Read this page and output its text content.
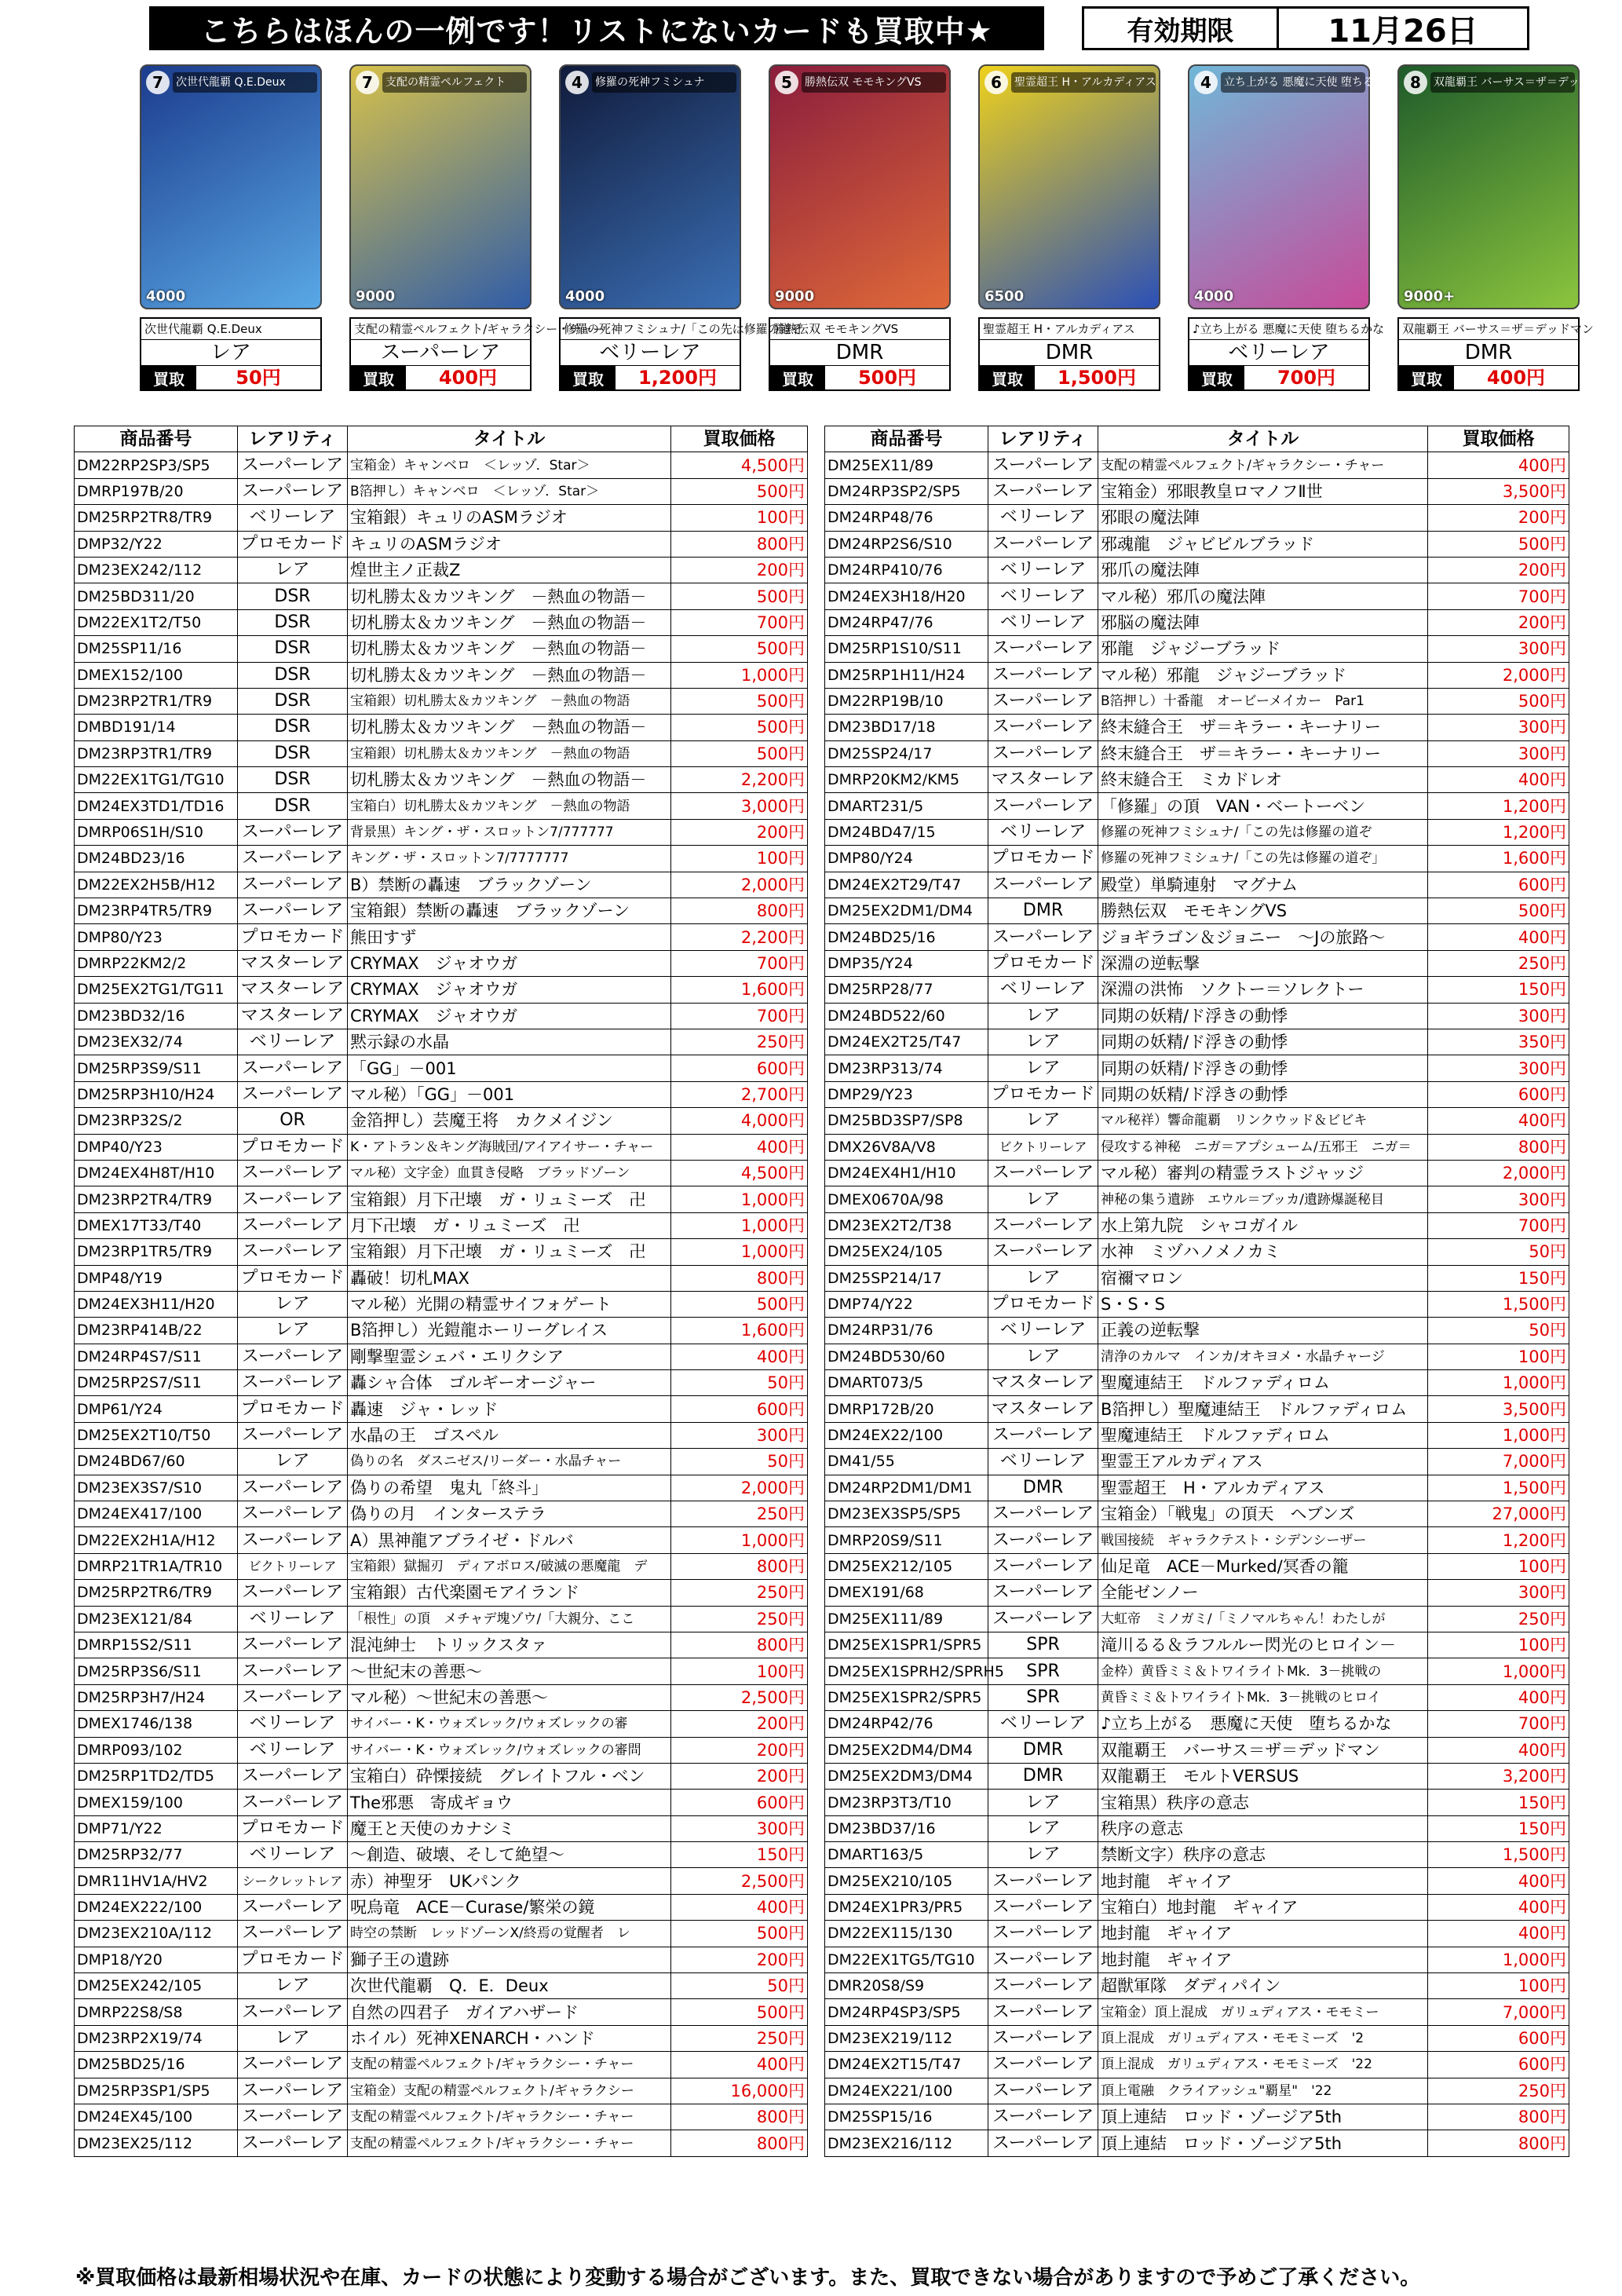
こちらはほんの一例です！リストにないカードも買取中★	有効期限	11月26日
7	次世代龍覇 Q.E.Deux
4000
次世代龍覇 Q.E.Deux
レア
買取	50円
7	支配の精霊ペルフェクト
9000
支配の精霊ペルフェクト/ギャラクシー・チャー
スーパーレア
買取	400円
4	修羅の死神フミシュナ
4000
修羅の死神フミシュナ/「この先は修羅の道ぞ
ベリーレア
買取	1,200円
5	勝熱伝双 モモキングVS
9000
勝熱伝双 モモキングVS
DMR
買取	500円
6	聖霊超王 H・アルカディアス
6500
聖霊超王 H・アルカディアス
DMR
買取	1,500円
4	立ち上がる 悪魔に天使 堕ちるかな
4000
♪立ち上がる 悪魔に天使 堕ちるかな
ベリーレア
買取	700円
8	双龍覇王 バーサス＝ザ＝デッドマン
9000+
双龍覇王 バーサス＝ザ＝デッドマン
DMR
買取	400円
商品番号	レアリティ	タイトル	買取価格
DM22RP2SP3/SP5	スーパーレア	宝箱金）キャンベロ　＜レッゾ．Star＞	4,500円
DMRP197B/20	スーパーレア	B箔押し）キャンベロ　＜レッゾ．Star＞	500円
DM25RP2TR8/TR9	ベリーレア	宝箱銀）キュリのASMラジオ	100円
DMP32/Y22	プロモカード	キュリのASMラジオ	800円
DM23EX242/112	レア	煌世主ノ正裁Z	200円
DM25BD311/20	DSR	切札勝太＆カツキング　－熱血の物語－	500円
DM22EX1T2/T50	DSR	切札勝太＆カツキング　－熱血の物語－	700円
DM25SP11/16	DSR	切札勝太＆カツキング　－熱血の物語－	500円
DMEX152/100	DSR	切札勝太＆カツキング　－熱血の物語－	1,000円
DM23RP2TR1/TR9	DSR	宝箱銀）切札勝太＆カツキング　－熱血の物語	500円
DMBD191/14	DSR	切札勝太＆カツキング　－熱血の物語－	500円
DM23RP3TR1/TR9	DSR	宝箱銀）切札勝太＆カツキング　－熱血の物語	500円
DM22EX1TG1/TG10	DSR	切札勝太＆カツキング　－熱血の物語－	2,200円
DM24EX3TD1/TD16	DSR	宝箱白）切札勝太＆カツキング　－熱血の物語	3,000円
DMRP06S1H/S10	スーパーレア	背景黒）キング・ザ・スロットン7/777777	200円
DM24BD23/16	スーパーレア	キング・ザ・スロットン7/7777777	100円
DM22EX2H5B/H12	スーパーレア	B）禁断の轟速　ブラックゾーン	2,000円
DM23RP4TR5/TR9	スーパーレア	宝箱銀）禁断の轟速　ブラックゾーン	800円
DMP80/Y23	プロモカード	熊田すず	2,200円
DMRP22KM2/2	マスターレア	CRYMAX　ジャオウガ	700円
DM25EX2TG1/TG11	マスターレア	CRYMAX　ジャオウガ	1,600円
DM23BD32/16	マスターレア	CRYMAX　ジャオウガ	700円
DM23EX32/74	ベリーレア	黙示録の水晶	250円
DM25RP3S9/S11	スーパーレア	「GG」－001	600円
DM25RP3H10/H24	スーパーレア	マル秘）「GG」－001	2,700円
DM23RP32S/2	OR	金箔押し）芸魔王将　カクメイジン	4,000円
DMP40/Y23	プロモカード	K・アトラン＆キング海賊団/アイアイサー・チャー	400円
DM24EX4H8T/H10	スーパーレア	マル秘）文字金）血貫き侵略　ブラッドゾーン	4,500円
DM23RP2TR4/TR9	スーパーレア	宝箱銀）月下卍壊　ガ・リュミーズ　卍	1,000円
DMEX17T33/T40	スーパーレア	月下卍壊　ガ・リュミーズ　卍	1,000円
DM23RP1TR5/TR9	スーパーレア	宝箱銀）月下卍壊　ガ・リュミーズ　卍	1,000円
DMP48/Y19	プロモカード	轟破！切札MAX	800円
DM24EX3H11/H20	レア	マル秘）光開の精霊サイフォゲート	500円
DM23RP414B/22	レア	B箔押し）光鎧龍ホーリーグレイス	1,600円
DM24RP4S7/S11	スーパーレア	剛撃聖霊シェバ・エリクシア	400円
DM25RP2S7/S11	スーパーレア	轟シャ合体　ゴルギーオージャー	50円
DMP61/Y24	プロモカード	轟速　ジャ・レッド	600円
DM25EX2T10/T50	スーパーレア	水晶の王　ゴスペル	300円
DM24BD67/60	レア	偽りの名　ダスニゼス/リーダー・水晶チャー	50円
DM23EX3S7/S10	スーパーレア	偽りの希望　鬼丸「終斗」	2,000円
DM24EX417/100	スーパーレア	偽りの月　インターステラ	250円
DM22EX2H1A/H12	スーパーレア	A）黒神龍アブライゼ・ドルバ	1,000円
DMRP21TR1A/TR10	ビクトリーレア	宝箱銀）獄掘刃　ディアボロス/破滅の悪魔龍　デ	800円
DM25RP2TR6/TR9	スーパーレア	宝箱銀）古代楽園モアイランド	250円
DM23EX121/84	ベリーレア	「根性」の頂　メチャデ塊ゾウ/「大親分、ここ	250円
DMRP15S2/S11	スーパーレア	混沌紳士　トリックスタァ	800円
DM25RP3S6/S11	スーパーレア	～世紀末の善悪～	100円
DM25RP3H7/H24	スーパーレア	マル秘）～世紀末の善悪～	2,500円
DMEX1746/138	ベリーレア	サイバー・K・ウォズレック/ウォズレックの審	200円
DMRP093/102	ベリーレア	サイバー・K・ウォズレック/ウォズレックの審問	200円
DM25RP1TD2/TD5	スーパーレア	宝箱白）砕慄接続　グレイトフル・ベン	200円
DMEX159/100	スーパーレア	The邪悪　寄成ギョウ	600円
DMP71/Y22	プロモカード	魔王と天使のカナシミ	300円
DM25RP32/77	ベリーレア	～創造、破壊、そして絶望～	150円
DMR11HV1A/HV2	シークレットレア	赤）神聖牙　UKパンク	2,500円
DM24EX222/100	スーパーレア	呪烏竜　ACE－Curase/繁栄の鏡	400円
DM23EX210A/112	スーパーレア	時空の禁断　レッドゾーンX/終焉の覚醒者　レ	500円
DMP18/Y20	プロモカード	獅子王の遺跡	200円
DM25EX242/105	レア	次世代龍覇　Q．E．Deux	50円
DMRP22S8/S8	スーパーレア	自然の四君子　ガイアハザード	500円
DM23RP2X19/74	レア	ホイル）死神XENARCH・ハンド	250円
DM25BD25/16	スーパーレア	支配の精霊ペルフェクト/ギャラクシー・チャー	400円
DM25RP3SP1/SP5	スーパーレア	宝箱金）支配の精霊ペルフェクト/ギャラクシー	16,000円
DM24EX45/100	スーパーレア	支配の精霊ペルフェクト/ギャラクシー・チャー	800円
DM23EX25/112	スーパーレア	支配の精霊ペルフェクト/ギャラクシー・チャー	800円
商品番号	レアリティ	タイトル	買取価格
DM25EX11/89	スーパーレア	支配の精霊ペルフェクト/ギャラクシー・チャー	400円
DM24RP3SP2/SP5	スーパーレア	宝箱金）邪眼教皇ロマノフⅡ世	3,500円
DM24RP48/76	ベリーレア	邪眼の魔法陣	200円
DM24RP2S6/S10	スーパーレア	邪魂龍　ジャビビルブラッド	500円
DM24RP410/76	ベリーレア	邪爪の魔法陣	200円
DM24EX3H18/H20	ベリーレア	マル秘）邪爪の魔法陣	700円
DM24RP47/76	ベリーレア	邪脳の魔法陣	200円
DM25RP1S10/S11	スーパーレア	邪龍　ジャジーブラッド	300円
DM25RP1H11/H24	スーパーレア	マル秘）邪龍　ジャジーブラッド	2,000円
DM22RP19B/10	スーパーレア	B箔押し）十番龍　オービーメイカー　Par1	500円
DM23BD17/18	スーパーレア	終末縫合王　ザ＝キラー・キーナリー	300円
DM25SP24/17	スーパーレア	終末縫合王　ザ＝キラー・キーナリー	300円
DMRP20KM2/KM5	マスターレア	終末縫合王　ミカドレオ	400円
DMART231/5	スーパーレア	「修羅」の頂　VAN・ベートーベン	1,200円
DM24BD47/15	ベリーレア	修羅の死神フミシュナ/「この先は修羅の道ぞ	1,200円
DMP80/Y24	プロモカード	修羅の死神フミシュナ/「この先は修羅の道ぞ」	1,600円
DM24EX2T29/T47	スーパーレア	殿堂）単騎連射　マグナム	600円
DM25EX2DM1/DM4	DMR	勝熱伝双　モモキングVS	500円
DM24BD25/16	スーパーレア	ジョギラゴン＆ジョニー　～Jの旅路～	400円
DMP35/Y24	プロモカード	深淵の逆転撃	250円
DM25RP28/77	ベリーレア	深淵の洪怖　ソクトー＝ソレクトー	150円
DM24BD522/60	レア	同期の妖精/ド浮きの動悸	300円
DM24EX2T25/T47	レア	同期の妖精/ド浮きの動悸	350円
DM23RP313/74	レア	同期の妖精/ド浮きの動悸	300円
DMP29/Y23	プロモカード	同期の妖精/ド浮きの動悸	600円
DM25BD3SP7/SP8	レア	マル秘祥）響命龍覇　リンクウッド＆ビビキ	400円
DMX26V8A/V8	ビクトリーレア	侵攻する神秘　ニガ＝アプシューム/五邪王　ニガ＝	800円
DM24EX4H1/H10	スーパーレア	マル秘）審判の精霊ラストジャッジ	2,000円
DMEX0670A/98	レア	神秘の集う遺跡　エウル＝ブッカ/遺跡爆誕秘目	300円
DM23EX2T2/T38	スーパーレア	水上第九院　シャコガイル	700円
DM25EX24/105	スーパーレア	水神　ミヅハノメノカミ	50円
DM25SP214/17	レア	宿禰マロン	150円
DMP74/Y22	プロモカード	S・S・S	1,500円
DM24RP31/76	ベリーレア	正義の逆転撃	50円
DM24BD530/60	レア	清浄のカルマ　インカ/オキヨメ・水晶チャージ	100円
DMART073/5	マスターレア	聖魔連結王　ドルファディロム	1,000円
DMRP172B/20	マスターレア	B箔押し）聖魔連結王　ドルファディロム	3,500円
DM24EX22/100	スーパーレア	聖魔連結王　ドルファディロム	1,000円
DM41/55	ベリーレア	聖霊王アルカディアス	7,000円
DM24RP2DM1/DM1	DMR	聖霊超王　H・アルカディアス	1,500円
DM23EX3SP5/SP5	スーパーレア	宝箱金）「戦鬼」の頂天　ヘブンズ	27,000円
DMRP20S9/S11	スーパーレア	戦国接続　ギャラクテスト・シデンシーザー	1,200円
DM25EX212/105	スーパーレア	仙足竜　ACE－Murked/冥香の籠	100円
DMEX191/68	スーパーレア	全能ゼンノー	300円
DM25EX111/89	スーパーレア	大虹帝　ミノガミ/「ミノマルちゃん！わたしが	250円
DM25EX1SPR1/SPR5	SPR	滝川るる＆ラフルルー閃光のヒロイン－	100円
DM25EX1SPRH2/SPRH5	SPR	金枠）黄昏ミミ＆トワイライトMk．3－挑戦の	1,000円
DM25EX1SPR2/SPR5	SPR	黄昏ミミ＆トワイライトMk．3－挑戦のヒロイ	400円
DM24RP42/76	ベリーレア	♪立ち上がる　悪魔に天使　堕ちるかな	700円
DM25EX2DM4/DM4	DMR	双龍覇王　バーサス＝ザ＝デッドマン	400円
DM25EX2DM3/DM4	DMR	双龍覇王　モルトVERSUS	3,200円
DM23RP3T3/T10	レア	宝箱黒）秩序の意志	150円
DM23BD37/16	レア	秩序の意志	150円
DMART163/5	レア	禁断文字）秩序の意志	1,500円
DM25EX210/105	スーパーレア	地封龍　ギャイア	400円
DM24EX1PR3/PR5	スーパーレア	宝箱白）地封龍　ギャイア	400円
DM22EX115/130	スーパーレア	地封龍　ギャイア	400円
DM22EX1TG5/TG10	スーパーレア	地封龍　ギャイア	1,000円
DMR20S8/S9	スーパーレア	超獣軍隊　ダディパイン	100円
DM24RP4SP3/SP5	スーパーレア	宝箱金）頂上混成　ガリュディアス・モモミー	7,000円
DM23EX219/112	スーパーレア	頂上混成　ガリュディアス・モモミーズ　'2	600円
DM24EX2T15/T47	スーパーレア	頂上混成　ガリュディアス・モモミーズ　'22	600円
DM24EX221/100	スーパーレア	頂上電融　クライアッシュ"覇星"　'22	250円
DM25SP15/16	スーパーレア	頂上連結　ロッド・ゾージア5th	800円
DM23EX216/112	スーパーレア	頂上連結　ロッド・ゾージア5th	800円
※買取価格は最新相場状況や在庫、カードの状態により変動する場合がございます。また、買取できない場合がありますので予めご了承ください。
